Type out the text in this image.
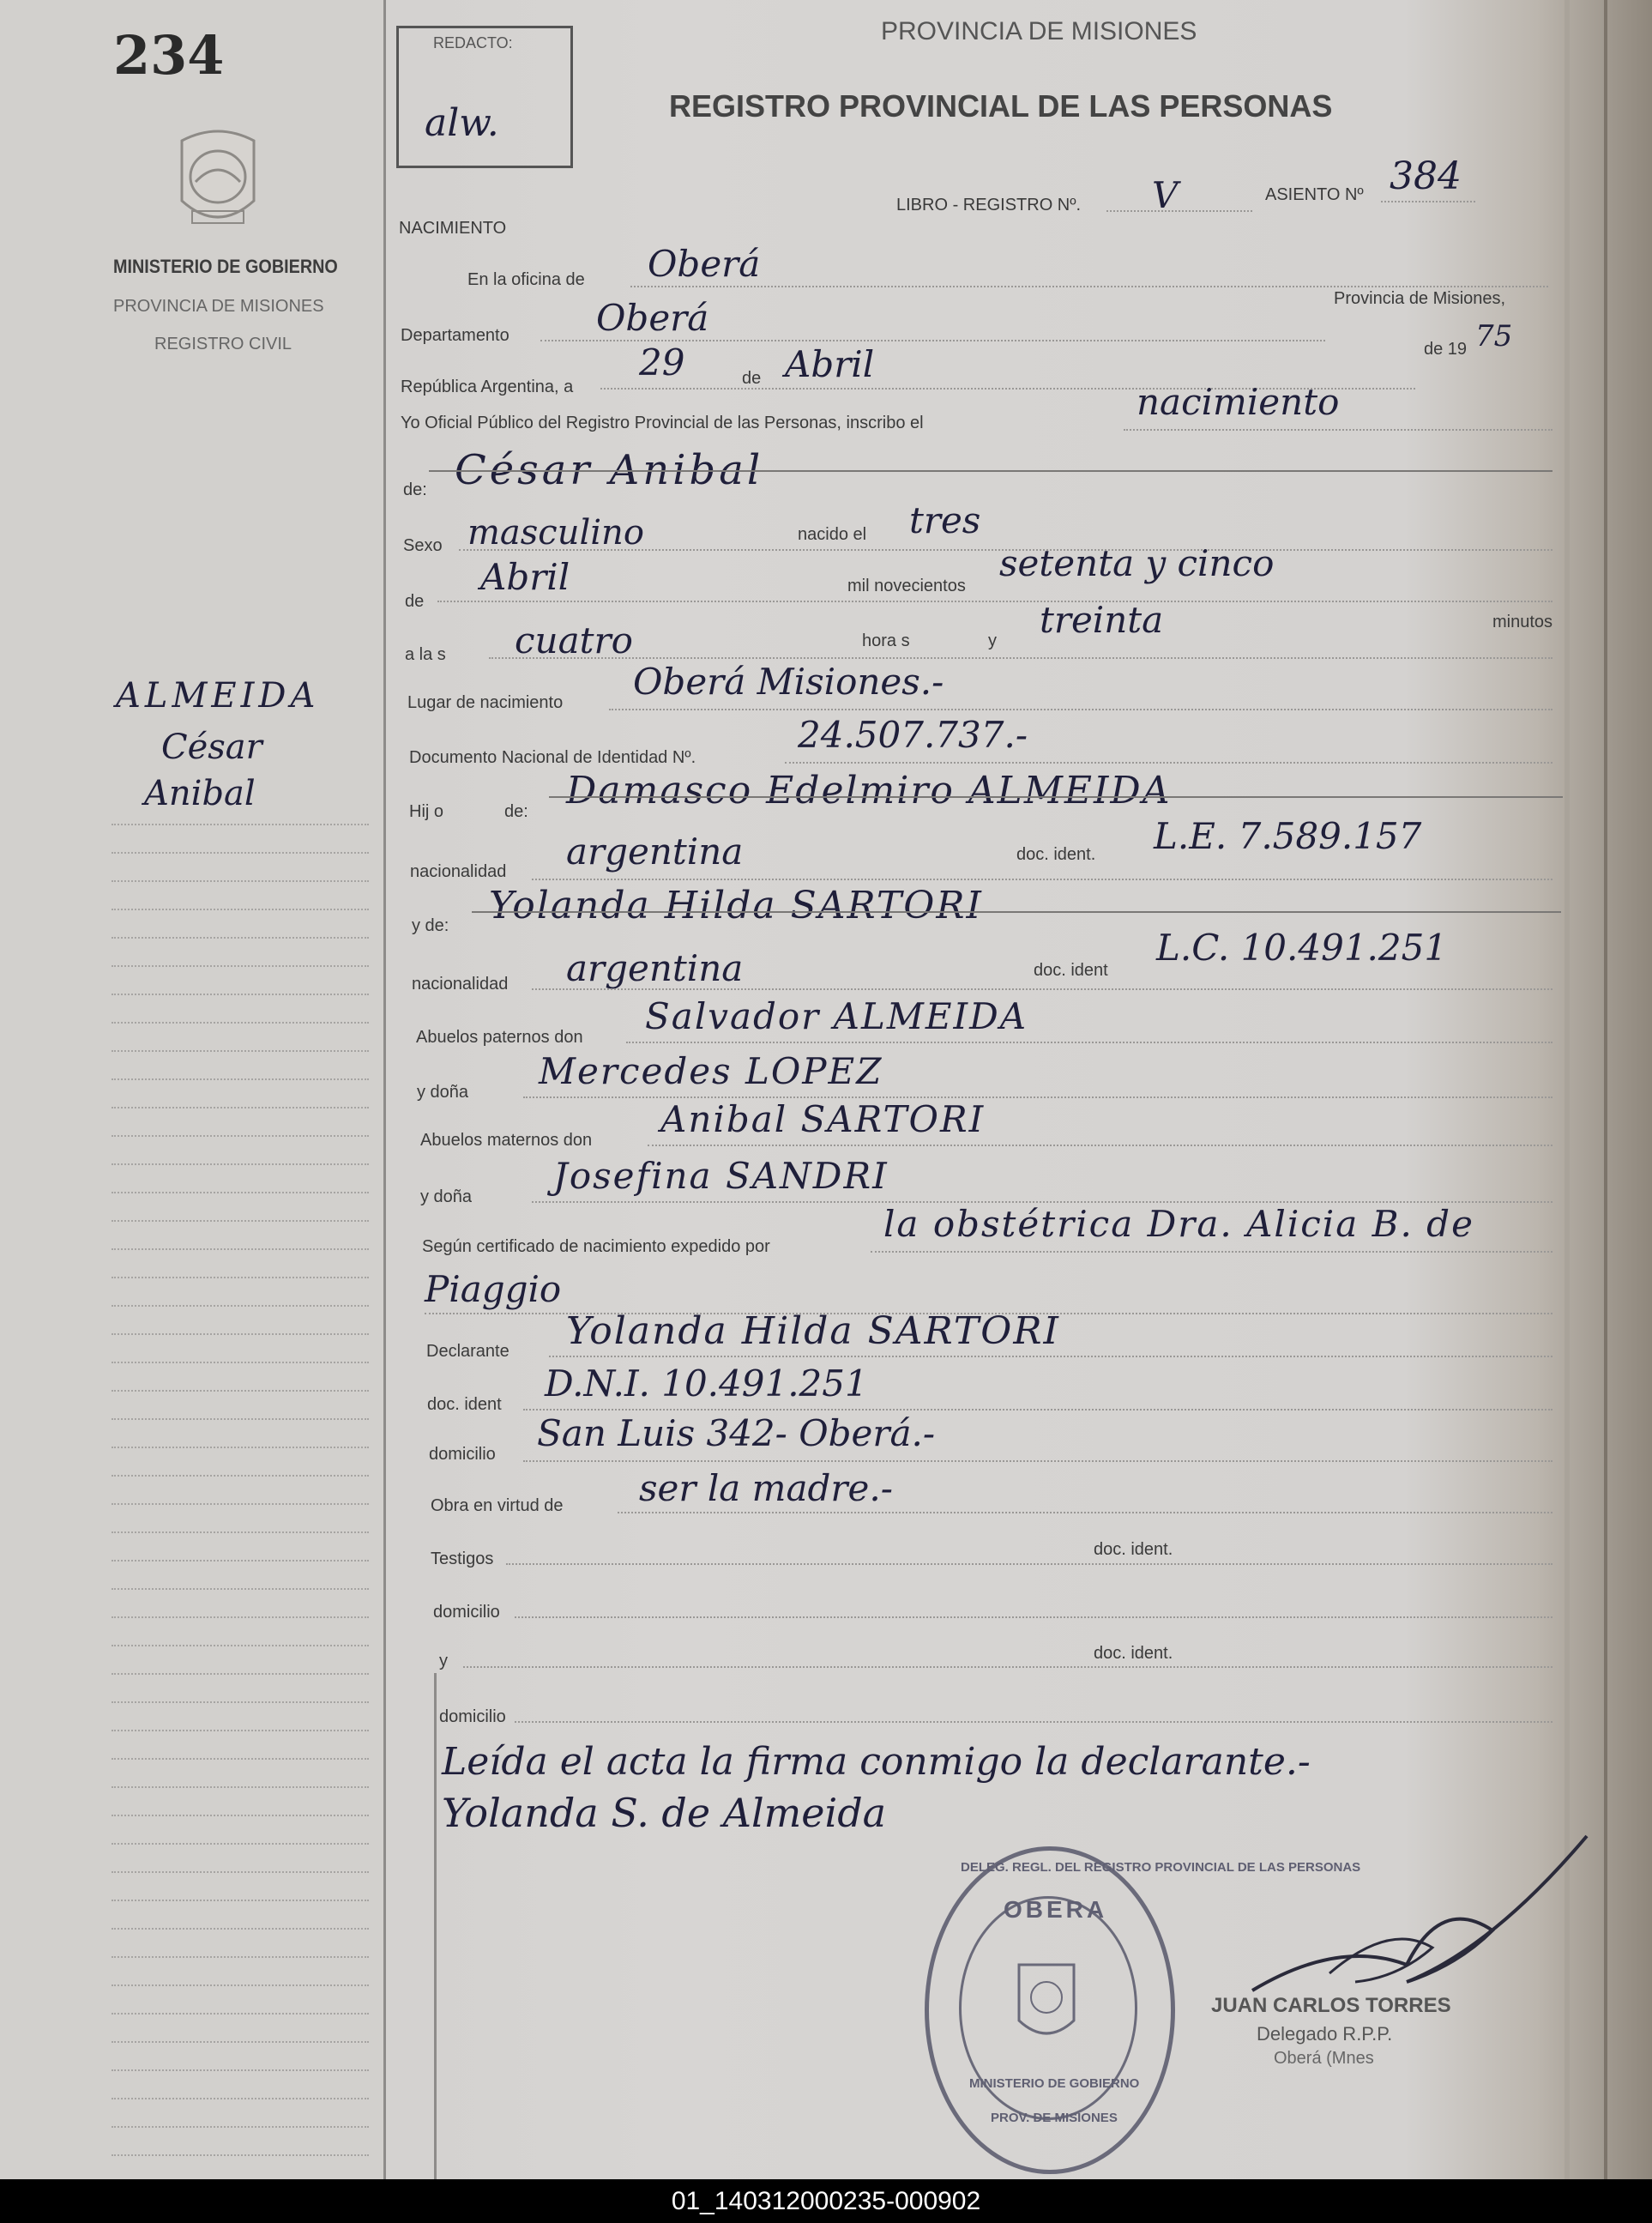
234
MINISTERIO DE GOBIERNO
PROVINCIA DE MISIONES
REGISTRO CIVIL
ALMEIDA
César
Anibal
REDACTO:
alw.
PROVINCIA DE MISIONES
REGISTRO PROVINCIAL DE LAS PERSONAS
LIBRO - REGISTRO Nº. V	ASIENTO Nº 384
NACIMIENTO
En la oficina de Oberá
Departamento Oberá	Provincia de Misiones,
República Argentina, a
29	de Abril	de 19 75
Yo Oficial Público del Registro Provincial de las Personas, inscribo el	nacimiento
de: César Anibal
Sexo masculino	nacido el tres
de
Abril	mil novecientos
setenta y cinco
a la s cuatro	hora s	y treinta	minutos
Lugar de nacimiento Oberá Misiones.-
Documento Nacional de Identidad Nº.
24.507.737.-
Hij o	de: Damasco Edelmiro ALMEIDA
nacionalidad argentina	doc. ident. L.E. 7.589.157
y de: Yolanda Hilda SARTORI
nacionalidad argentina	doc. ident
L.C. 10.491.251
Abuelos paternos don Salvador ALMEIDA
y doña Mercedes LOPEZ
Abuelos maternos don Anibal SARTORI
y doña Josefina SANDRI
Según certificado de nacimiento expedido por
la obstétrica Dra. Alicia B. de
Piaggio
Declarante Yolanda Hilda SARTORI
doc. ident D.N.I. 10.491.251
domicilio San Luis 342- Oberá.-
Obra en virtud de ser la madre.-
Testigos	doc. ident.
domicilio
y	doc. ident.
domicilio
Leída el acta la firma conmigo la declarante.-
Yolanda S. de Almeida
DELEG. REGL. DEL REGISTRO PROVINCIAL DE LAS PERSONAS
OBERA
MINISTERIO DE GOBIERNO
PROV. DE MISIONES
JUAN CARLOS TORRES
Delegado R.P.P.
Oberá (Mnes
01_140312000235-000902
